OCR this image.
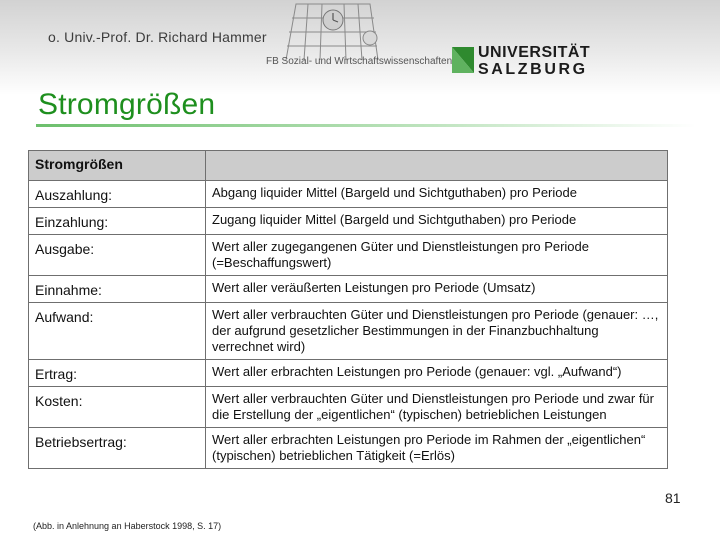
o. Univ.-Prof. Dr. Richard Hammer
FB Sozial- und Wirtschaftswissenschaften
UNIVERSITÄT
SALZBURG
Stromgrößen
Stromgrößen	
Auszahlung:	Abgang liquider Mittel (Bargeld und Sichtguthaben) pro Periode
Einzahlung:	Zugang liquider Mittel (Bargeld und Sichtguthaben) pro Periode
Ausgabe:	Wert aller zugegangenen Güter und Dienstleistungen pro Periode (=Beschaffungswert)
Einnahme:	Wert aller veräußerten Leistungen pro Periode (Umsatz)
Aufwand:	Wert aller verbrauchten Güter und Dienstleistungen pro Periode (genauer: …, der aufgrund gesetzlicher Bestimmungen in der Finanzbuchhaltung verrechnet wird)
Ertrag:	Wert aller erbrachten Leistungen pro Periode (genauer: vgl. „Aufwand“)
Kosten:	Wert aller verbrauchten Güter und Dienstleistungen pro Periode und zwar für die Erstellung der „eigentlichen“ (typischen) betrieblichen Leistungen
Betriebsertrag:	Wert aller erbrachten Leistungen pro Periode im Rahmen der „eigentlichen“ (typischen) betrieblichen Tätigkeit (=Erlös)
(Abb. in Anlehnung an Haberstock 1998, S. 17)
81
